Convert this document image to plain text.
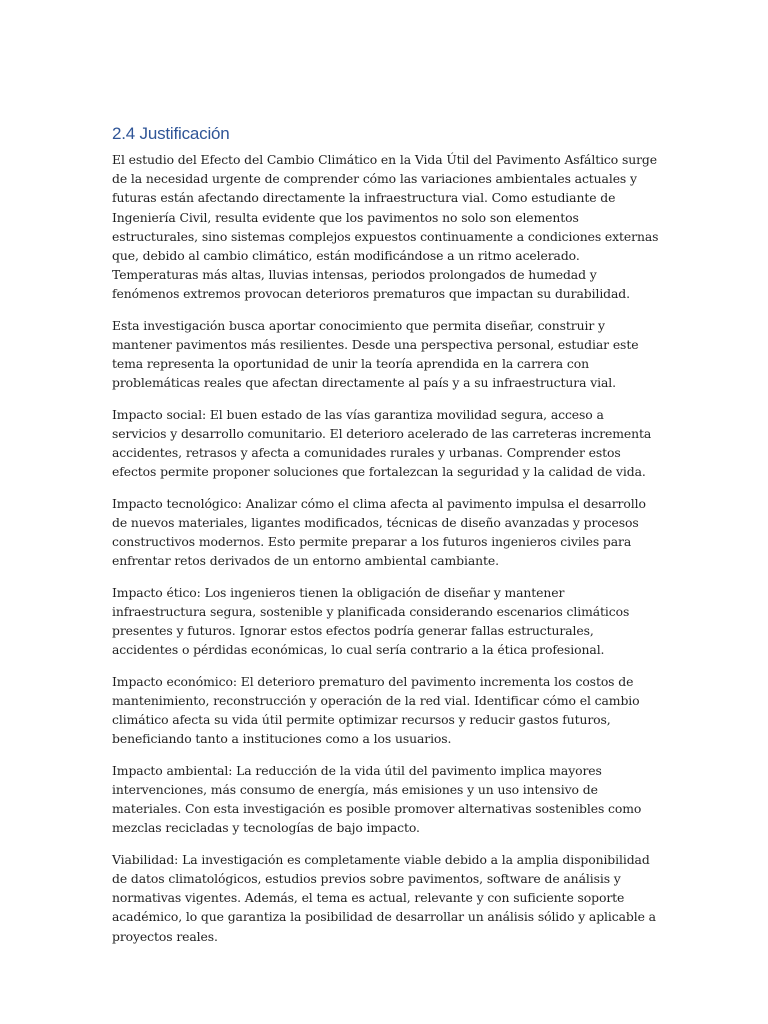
2.4 Justificación

El estudio del Efecto del Cambio Climático en la Vida Útil del Pavimento Asfáltico surge de la necesidad urgente de comprender cómo las variaciones ambientales actuales y futuras están afectando directamente la infraestructura vial. Como estudiante de Ingeniería Civil, resulta evidente que los pavimentos no solo son elementos estructurales, sino sistemas complejos expuestos continuamente a condiciones externas que, debido al cambio climático, están modificándose a un ritmo acelerado. Temperaturas más altas, lluvias intensas, periodos prolongados de humedad y fenómenos extremos provocan deterioros prematuros que impactan su durabilidad.

Esta investigación busca aportar conocimiento que permita diseñar, construir y mantener pavimentos más resilientes. Desde una perspectiva personal, estudiar este tema representa la oportunidad de unir la teoría aprendida en la carrera con problemáticas reales que afectan directamente al país y a su infraestructura vial.

Impacto social: El buen estado de las vías garantiza movilidad segura, acceso a servicios y desarrollo comunitario. El deterioro acelerado de las carreteras incrementa accidentes, retrasos y afecta a comunidades rurales y urbanas. Comprender estos efectos permite proponer soluciones que fortalezcan la seguridad y la calidad de vida.

Impacto tecnológico: Analizar cómo el clima afecta al pavimento impulsa el desarrollo de nuevos materiales, ligantes modificados, técnicas de diseño avanzadas y procesos constructivos modernos. Esto permite preparar a los futuros ingenieros civiles para enfrentar retos derivados de un entorno ambiental cambiante.

Impacto ético: Los ingenieros tienen la obligación de diseñar y mantener infraestructura segura, sostenible y planificada considerando escenarios climáticos presentes y futuros. Ignorar estos efectos podría generar fallas estructurales, accidentes o pérdidas económicas, lo cual sería contrario a la ética profesional.

Impacto económico: El deterioro prematuro del pavimento incrementa los costos de mantenimiento, reconstrucción y operación de la red vial. Identificar cómo el cambio climático afecta su vida útil permite optimizar recursos y reducir gastos futuros, beneficiando tanto a instituciones como a los usuarios.

Impacto ambiental: La reducción de la vida útil del pavimento implica mayores intervenciones, más consumo de energía, más emisiones y un uso intensivo de materiales. Con esta investigación es posible promover alternativas sostenibles como mezclas recicladas y tecnologías de bajo impacto.

Viabilidad: La investigación es completamente viable debido a la amplia disponibilidad de datos climatológicos, estudios previos sobre pavimentos, software de análisis y normativas vigentes. Además, el tema es actual, relevante y con suficiente soporte académico, lo que garantiza la posibilidad de desarrollar un análisis sólido y aplicable a proyectos reales.
